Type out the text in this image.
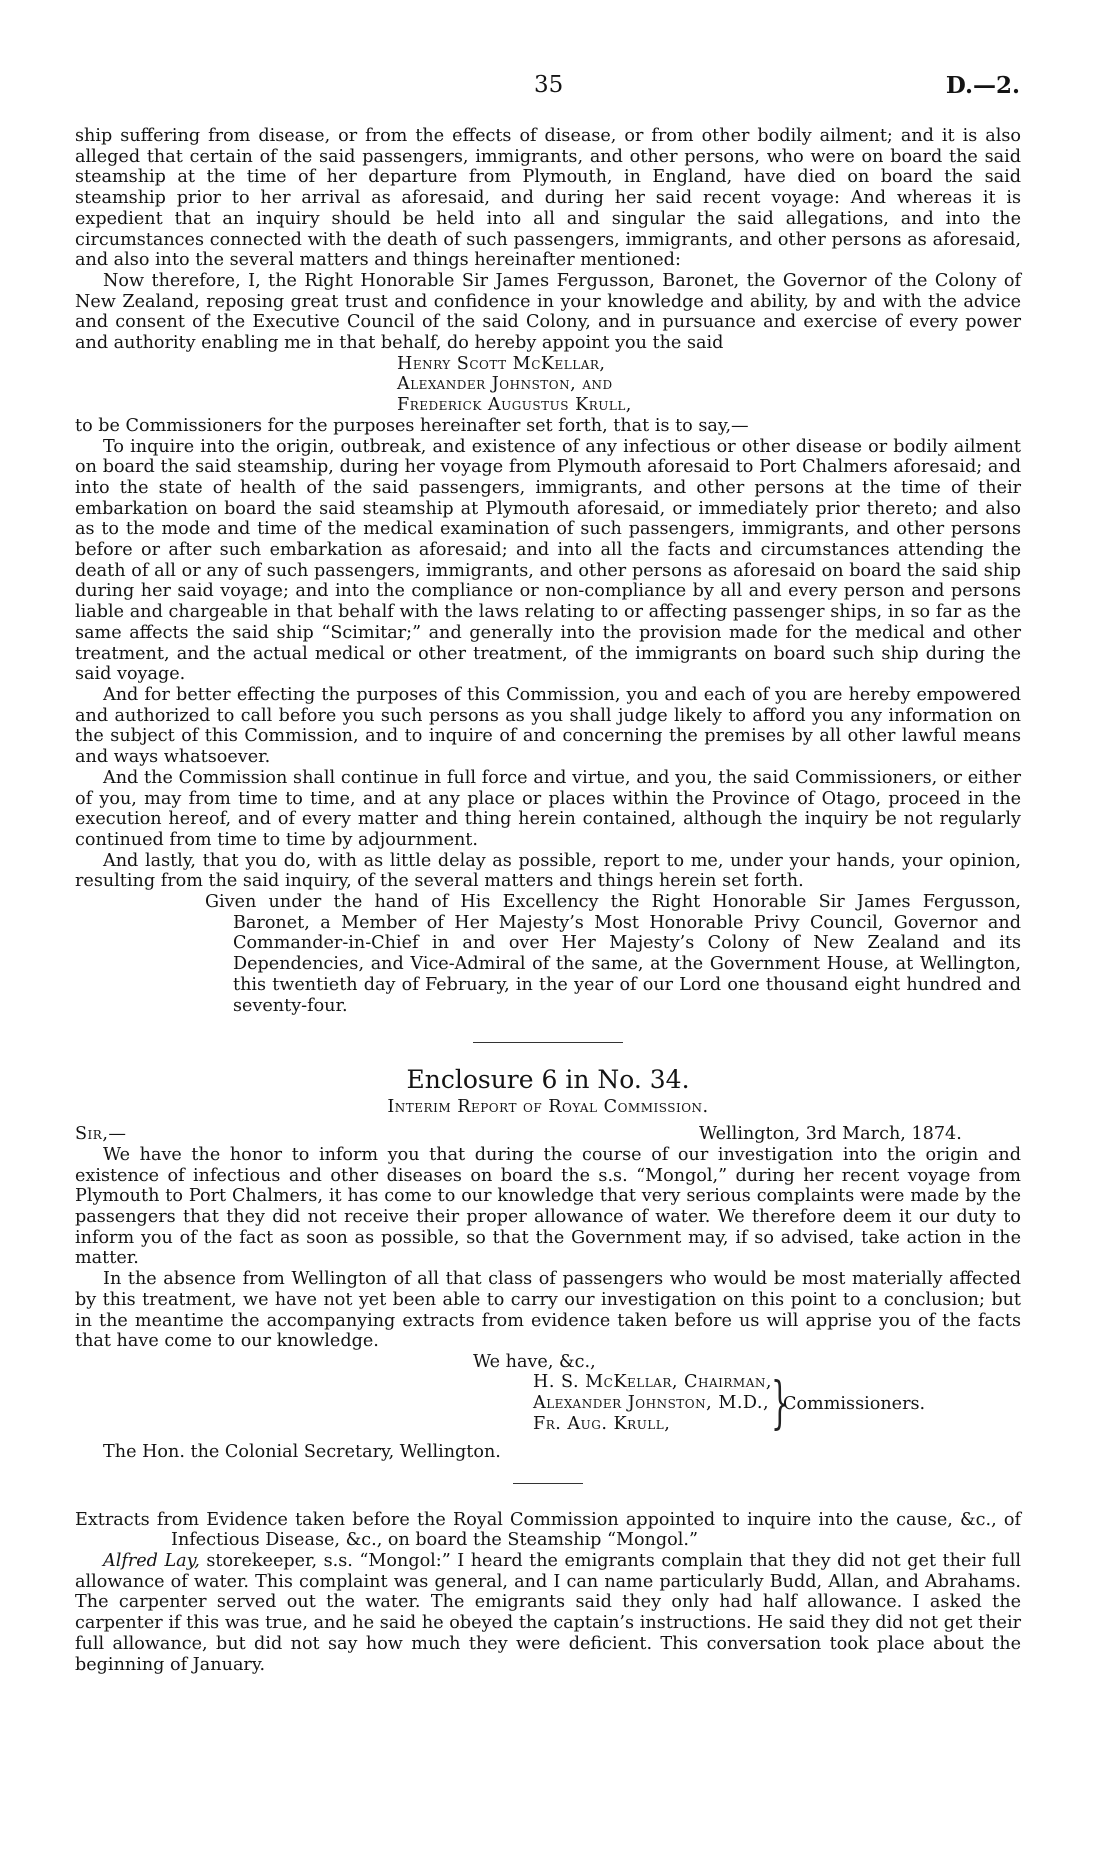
35	D.—2.

ship suffering from disease, or from the effects of disease, or from other bodily ailment; and it is also alleged that certain of the said passengers, immigrants, and other persons, who were on board the said steamship at the time of her departure from Plymouth, in England, have died on board the said steamship prior to her arrival as aforesaid, and during her said recent voyage: And whereas it is expedient that an inquiry should be held into all and singular the said allegations, and into the circumstances connected with the death of such passengers, immigrants, and other persons as aforesaid, and also into the several matters and things hereinafter mentioned:

Now therefore, I, the Right Honorable Sir James Fergusson, Baronet, the Governor of the Colony of New Zealand, reposing great trust and confidence in your knowledge and ability, by and with the advice and consent of the Executive Council of the said Colony, and in pursuance and exercise of every power and authority enabling me in that behalf, do hereby appoint you the said

Henry Scott McKellar,
Alexander Johnston, and
Frederick Augustus Krull,

to be Commissioners for the purposes hereinafter set forth, that is to say,—

To inquire into the origin, outbreak, and existence of any infectious or other disease or bodily ailment on board the said steamship, during her voyage from Plymouth aforesaid to Port Chalmers aforesaid; and into the state of health of the said passengers, immigrants, and other persons at the time of their embarkation on board the said steamship at Plymouth aforesaid, or immediately prior thereto; and also as to the mode and time of the medical examination of such passengers, immigrants, and other persons before or after such embarkation as aforesaid; and into all the facts and circumstances attending the death of all or any of such passengers, immigrants, and other persons as aforesaid on board the said ship during her said voyage; and into the compliance or non-compliance by all and every person and persons liable and chargeable in that behalf with the laws relating to or affecting passenger ships, in so far as the same affects the said ship “Scimitar;” and generally into the provision made for the medical and other treatment, and the actual medical or other treatment, of the immigrants on board such ship during the said voyage.

And for better effecting the purposes of this Commission, you and each of you are hereby empowered and authorized to call before you such persons as you shall judge likely to afford you any information on the subject of this Commission, and to inquire of and concerning the premises by all other lawful means and ways whatsoever.

And the Commission shall continue in full force and virtue, and you, the said Commissioners, or either of you, may from time to time, and at any place or places within the Province of Otago, proceed in the execution hereof, and of every matter and thing herein contained, although the inquiry be not regularly continued from time to time by adjournment.

And lastly, that you do, with as little delay as possible, report to me, under your hands, your opinion, resulting from the said inquiry, of the several matters and things herein set forth.

Given under the hand of His Excellency the Right Honorable Sir James Fergusson, Baronet, a Member of Her Majesty’s Most Honorable Privy Council, Governor and Commander-in-Chief in and over Her Majesty’s Colony of New Zealand and its Dependencies, and Vice-Admiral of the same, at the Government House, at Wellington, this twentieth day of February, in the year of our Lord one thousand eight hundred and seventy-four.

Enclosure 6 in No. 34.
Interim Report of Royal Commission.
Sir,—	Wellington, 3rd March, 1874.

We have the honor to inform you that during the course of our investigation into the origin and existence of infectious and other diseases on board the s.s. “Mongol,” during her recent voyage from Plymouth to Port Chalmers, it has come to our knowledge that very serious complaints were made by the passengers that they did not receive their proper allowance of water. We therefore deem it our duty to inform you of the fact as soon as possible, so that the Government may, if so advised, take action in the matter.

In the absence from Wellington of all that class of passengers who would be most materially affected by this treatment, we have not yet been able to carry our investigation on this point to a conclusion; but in the meantime the accompanying extracts from evidence taken before us will apprise you of the facts that have come to our knowledge.

We have, &c.,
H. S. McKellar, Chairman,
Alexander Johnston, M.D.,
Fr. Aug. Krull, }
Commissioners.

The Hon. the Colonial Secretary, Wellington.

Extracts from Evidence taken before the Royal Commission appointed to inquire into the cause, &c., of Infectious Disease, &c., on board the Steamship “Mongol.”

Alfred Lay, storekeeper, s.s. “Mongol:” I heard the emigrants complain that they did not get their full allowance of water. This complaint was general, and I can name particularly Budd, Allan, and Abrahams. The carpenter served out the water. The emigrants said they only had half allowance. I asked the carpenter if this was true, and he said he obeyed the captain’s instructions. He said they did not get their full allowance, but did not say how much they were deficient. This conversation took place about the beginning of January.
